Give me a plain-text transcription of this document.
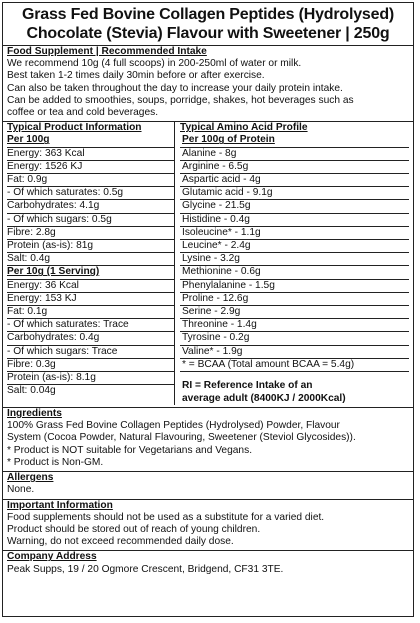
Grass Fed Bovine Collagen Peptides (Hydrolysed)
Chocolate (Stevia) Flavour with Sweetener | 250g
Food Supplement | Recommended Intake
We recommend 10g (4 full scoops) in 200-250ml of water or milk.
Best taken 1-2 times daily 30min before or after exercise.
Can also be taken throughout the day to increase your daily protein intake.
Can be added to smoothies, soups, porridge, shakes, hot beverages such as
coffee or tea and cold beverages.
Typical Product Information
Per 100g
Energy: 363 Kcal
Energy: 1526 KJ
Fat: 0.9g
- Of which saturates: 0.5g
Carbohydrates: 4.1g
- Of which sugars: 0.5g
Fibre: 2.8g
Protein (as-is): 81g
Salt: 0.4g
Per 10g (1 Serving)
Energy: 36 Kcal
Energy: 153 KJ
Fat: 0.1g
- Of which saturates: Trace
Carbohydrates: 0.4g
- Of which sugars: Trace
Fibre: 0.3g
Protein (as-is): 8.1g
Salt: 0.04g
Typical Amino Acid Profile
Per 100g of Protein
Alanine - 8g
Arginine - 6.5g
Aspartic acid - 4g
Glutamic acid - 9.1g
Glycine - 21.5g
Histidine - 0.4g
Isoleucine* - 1.1g
Leucine* - 2.4g
Lysine - 3.2g
Methionine - 0.6g
Phenylalanine - 1.5g
Proline - 12.6g
Serine - 2.9g
Threonine - 1.4g
Tyrosine - 0.2g
Valine* - 1.9g
* = BCAA (Total amount BCAA = 5.4g)
RI = Reference Intake of an
average adult (8400KJ / 2000Kcal)
Ingredients
100% Grass Fed Bovine Collagen Peptides (Hydrolysed) Powder, Flavour
System (Cocoa Powder, Natural Flavouring, Sweetener (Steviol Glycosides)).
* Product is NOT suitable for Vegetarians and Vegans.
* Product is Non-GM.
Allergens
None.
Important Information
Food supplements should not be used as a substitute for a varied diet.
Product should be stored out of reach of young children.
Warning, do not exceed recommended daily dose.
Company Address
Peak Supps, 19 / 20 Ogmore Crescent, Bridgend, CF31 3TE.
